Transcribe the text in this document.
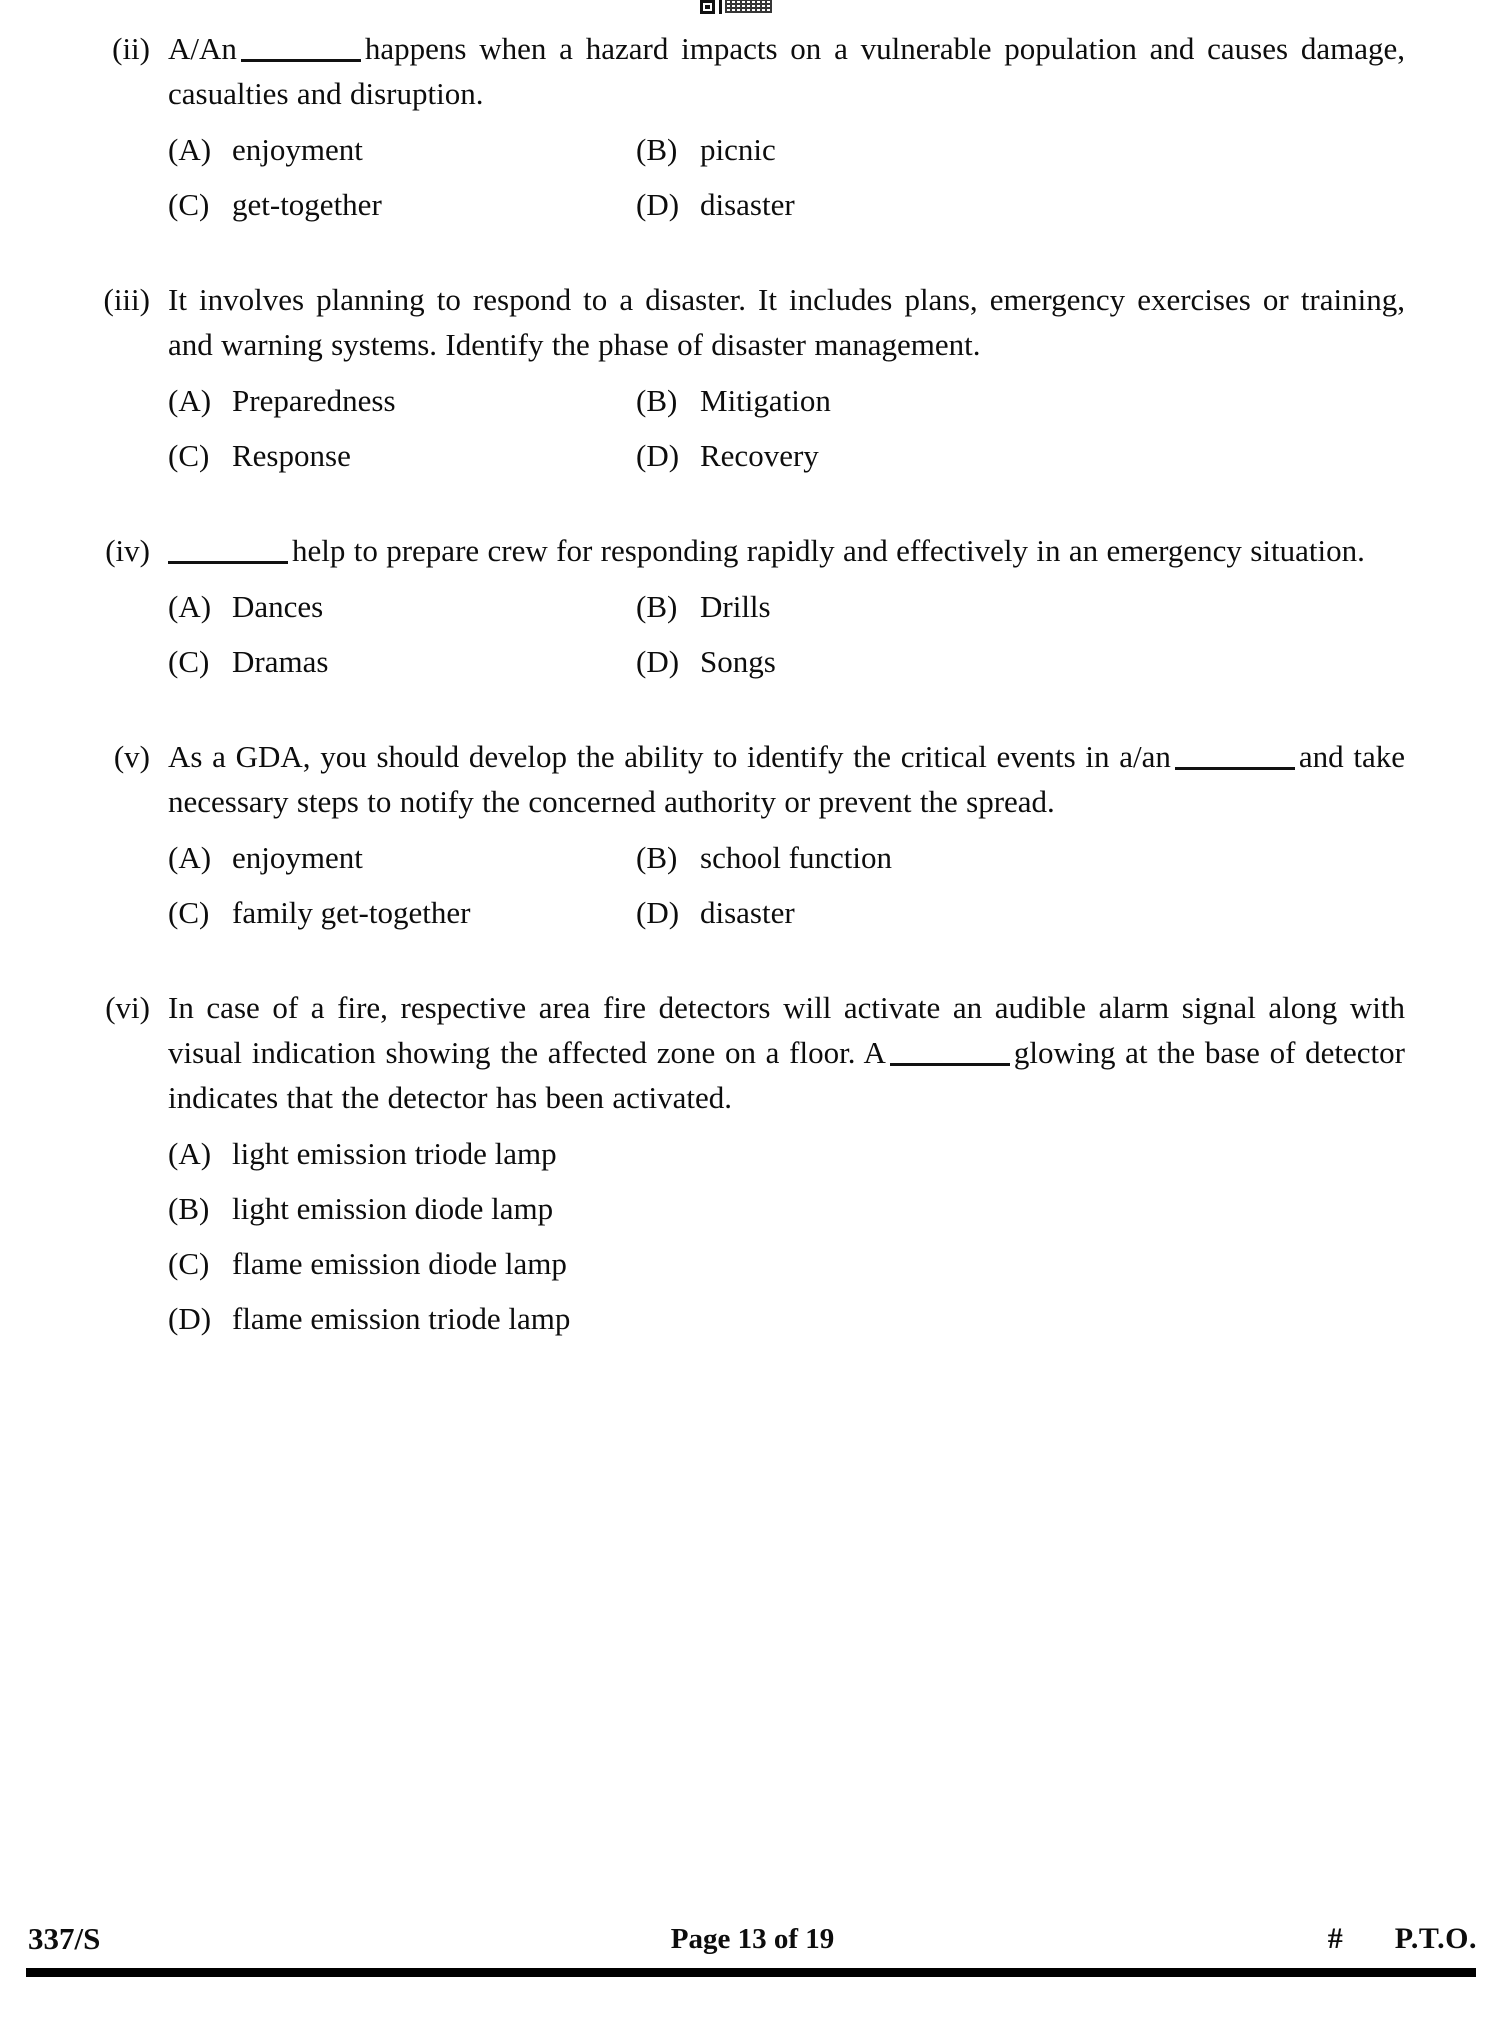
(ii) A/An	happens when a hazard impacts on a vulnerable population and causes damage, casualties and disruption.
(A) enjoyment	(B) picnic
(C) get-together	(D) disaster
(iii) It involves planning to respond to a disaster. It includes plans, emergency exercises or training, and warning systems. Identify the phase of disaster management.
(A) Preparedness	(B) Mitigation
(C) Response	(D) Recovery
(iv)	help to prepare crew for responding rapidly and effectively in an emergency situation.
(A) Dances	(B) Drills
(C) Dramas	(D) Songs
(v) As a GDA, you should develop the ability to identify the critical events in a/an	and take necessary steps to notify the concerned authority or prevent the spread.
(A) enjoyment	(B) school function
(C) family get-together	(D) disaster
(vi) In case of a fire, respective area fire detectors will activate an audible alarm signal along with visual indication showing the affected zone on a floor. A	glowing at the base of detector indicates that the detector has been activated.
(A) light emission triode lamp
(B) light emission diode lamp
(C) flame emission diode lamp
(D) flame emission triode lamp
337/S	Page 13 of 19	# P.T.O.
